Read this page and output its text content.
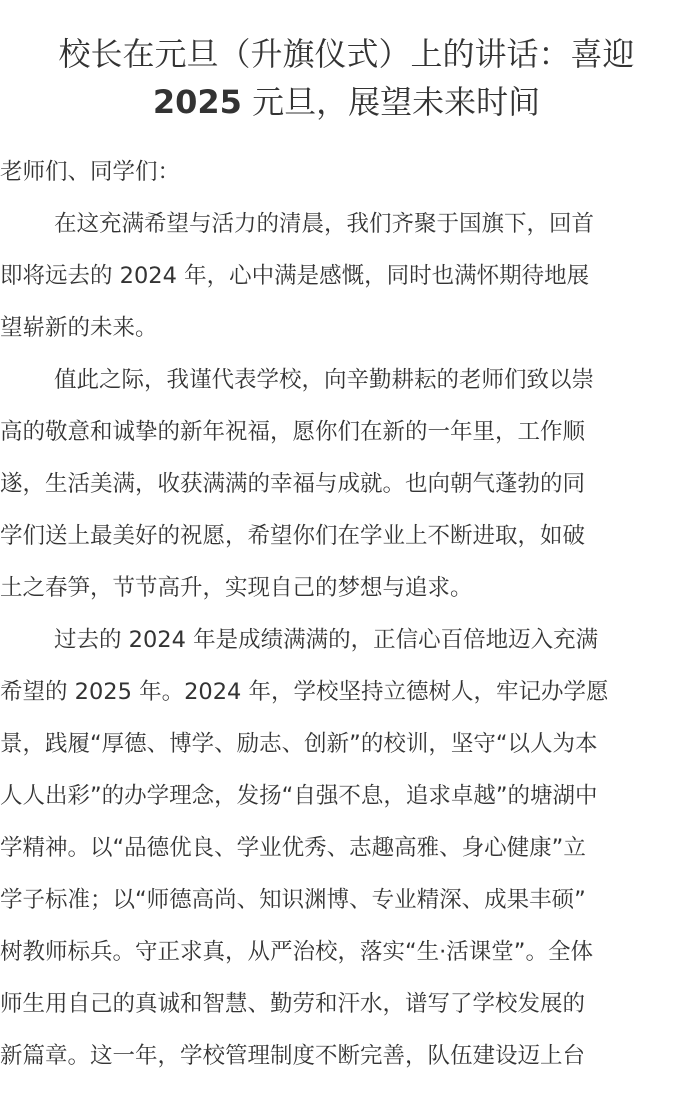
校长在元旦（升旗仪式）上的讲话：喜迎
2025 元旦，展望未来时间
老师们、同学们：
在这充满希望与活力的清晨，我们齐聚于国旗下，回首
即将远去的 2024 年，心中满是感慨，同时也满怀期待地展
望崭新的未来。
值此之际，我谨代表学校，向辛勤耕耘的老师们致以崇
高的敬意和诚挚的新年祝福，愿你们在新的一年里，工作顺
遂，生活美满，收获满满的幸福与成就。也向朝气蓬勃的同
学们送上最美好的祝愿，希望你们在学业上不断进取，如破
土之春笋，节节高升，实现自己的梦想与追求。
过去的 2024 年是成绩满满的，正信心百倍地迈入充满
希望的 2025 年。2024 年，学校坚持立德树人，牢记办学愿
景，践履“厚德、博学、励志、创新”的校训，坚守“以人为本
人人出彩”的办学理念，发扬“自强不息，追求卓越”的塘湖中
学精神。以“品德优良、学业优秀、志趣高雅、身心健康”立
学子标准；以“师德高尚、知识渊博、专业精深、成果丰硕”
树教师标兵。守正求真，从严治校，落实“生·活课堂”。全体
师生用自己的真诚和智慧、勤劳和汗水，谱写了学校发展的
新篇章。这一年，学校管理制度不断完善，队伍建设迈上台
